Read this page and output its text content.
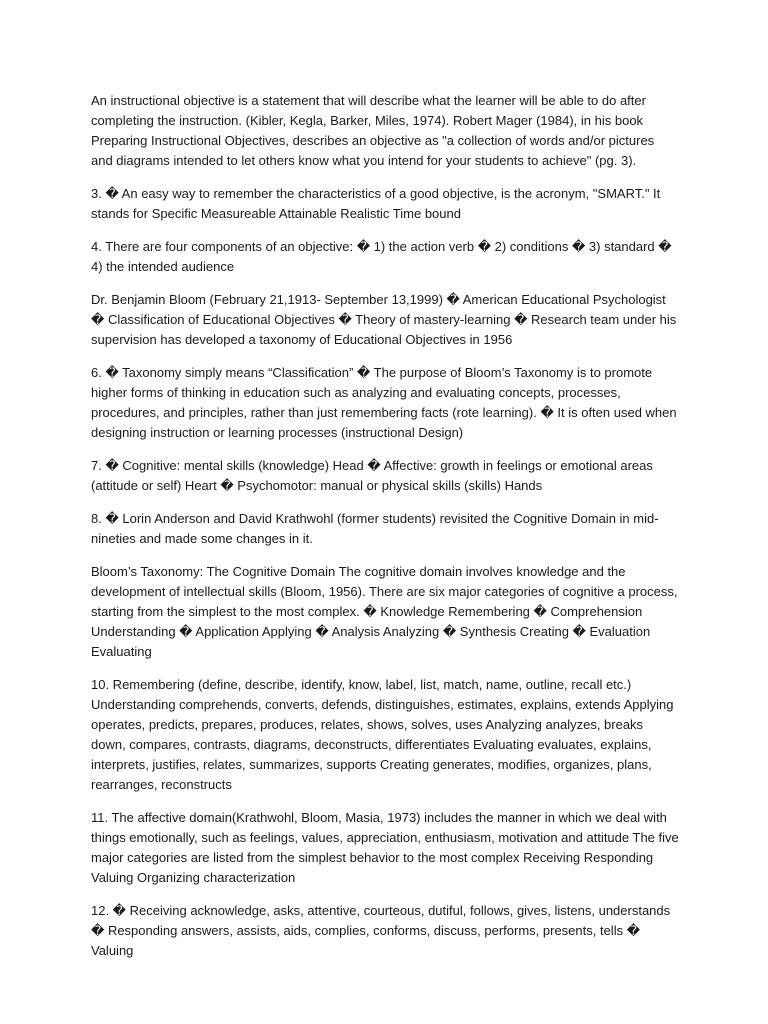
An instructional objective is a statement that will describe what the learner will be able to do after completing the instruction. (Kibler, Kegla, Barker, Miles, 1974). Robert Mager (1984), in his book Preparing Instructional Objectives, describes an objective as "a collection of words and/or pictures and diagrams intended to let others know what you intend for your students to achieve" (pg. 3).

3. � An easy way to remember the characteristics of a good objective, is the acronym, "SMART." It stands for Specific Measureable Attainable Realistic Time bound

4. There are four components of an objective: � 1) the action verb � 2) conditions � 3) standard � 4) the intended audience

Dr. Benjamin Bloom (February 21,1913- September 13,1999) � American Educational Psychologist � Classification of Educational Objectives � Theory of mastery-learning � Research team under his supervision has developed a taxonomy of Educational Objectives in 1956

6. � Taxonomy simply means “Classification” � The purpose of Bloom’s Taxonomy is to promote higher forms of thinking in education such as analyzing and evaluating concepts, processes, procedures, and principles, rather than just remembering facts (rote learning). � It is often used when designing instruction or learning processes (instructional Design)

7. � Cognitive: mental skills (knowledge) Head � Affective: growth in feelings or emotional areas (attitude or self) Heart � Psychomotor: manual or physical skills (skills) Hands

8. � Lorin Anderson and David Krathwohl (former students) revisited the Cognitive Domain in mid-nineties and made some changes in it.

Bloom’s Taxonomy: The Cognitive Domain The cognitive domain involves knowledge and the development of intellectual skills (Bloom, 1956). There are six major categories of cognitive a process, starting from the simplest to the most complex. � Knowledge Remembering � Comprehension Understanding � Application Applying � Analysis Analyzing � Synthesis Creating � Evaluation Evaluating

10. Remembering (define, describe, identify, know, label, list, match, name, outline, recall etc.) Understanding comprehends, converts, defends, distinguishes, estimates, explains, extends Applying operates, predicts, prepares, produces, relates, shows, solves, uses Analyzing analyzes, breaks down, compares, contrasts, diagrams, deconstructs, differentiates Evaluating evaluates, explains, interprets, justifies, relates, summarizes, supports Creating generates, modifies, organizes, plans, rearranges, reconstructs

11. The affective domain(Krathwohl, Bloom, Masia, 1973) includes the manner in which we deal with things emotionally, such as feelings, values, appreciation, enthusiasm, motivation and attitude The five major categories are listed from the simplest behavior to the most complex Receiving Responding Valuing Organizing characterization

12. � Receiving acknowledge, asks, attentive, courteous, dutiful, follows, gives, listens, understands � Responding answers, assists, aids, complies, conforms, discuss, performs, presents, tells � Valuing
